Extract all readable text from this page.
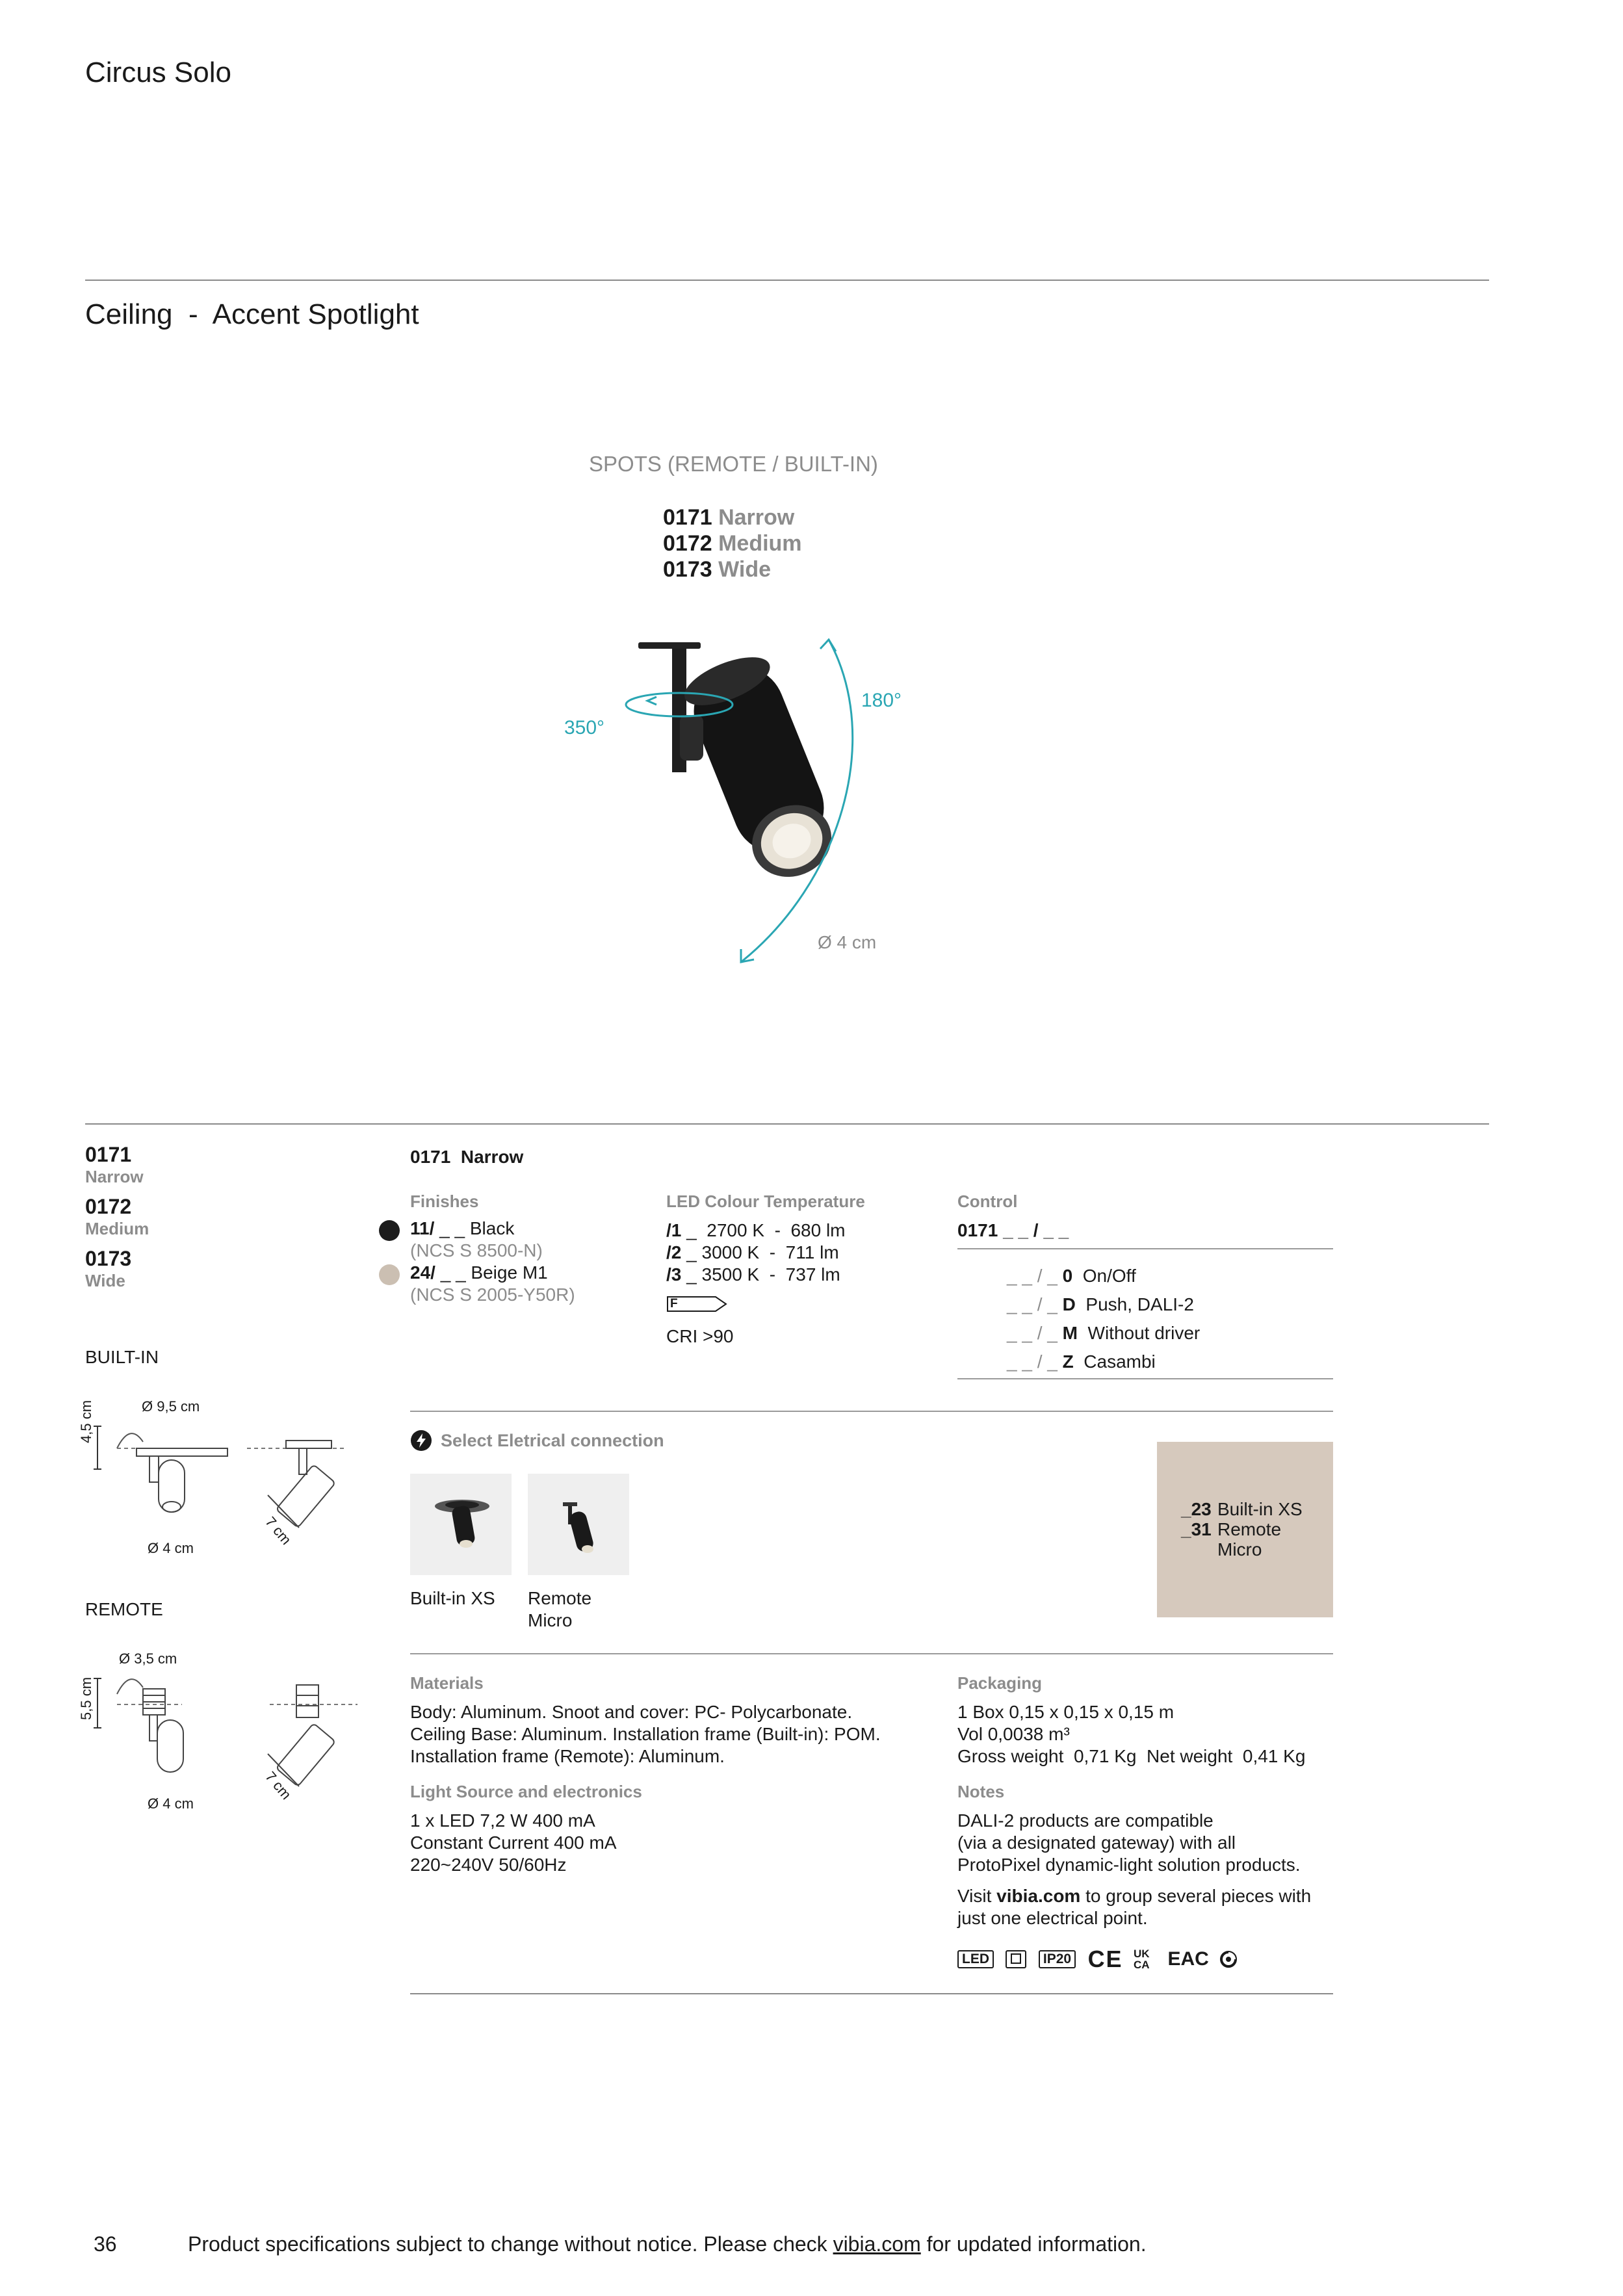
Circus Solo
Ceiling  -  Accent Spotlight
SPOTS (REMOTE / BUILT-IN)
0171 Narrow
0172 Medium
0173 Wide
350°
180°
Ø 4 cm
0171
Narrow
0172
Medium
0173
Wide
BUILT-IN
Ø 9,5 cm
4,5 cm
Ø 4 cm
7 cm
REMOTE
Ø 3,5 cm
5,5 cm
Ø 4 cm
7 cm
0171 Narrow
Finishes
11/ _ _ Black
(NCS S 8500-N)
24/ _ _ Beige M1
(NCS S 2005-Y50R)
LED Colour Temperature
/1 _  2700 K  -  680 lm
/2 _ 3000 K  -  711 lm
/3 _ 3500 K  -  737 lm
F
CRI >90
Control
0171 _ _ / _ _
_ _ / _ 0 On/Off
_ _ / _ D Push, DALI-2
_ _ / _ M Without driver
_ _ / _ Z Casambi
Select Eletrical connection
Built-in XS Remote
Micro
_23 Built-in XS
_31 Remote
Micro
Materials
Body: Aluminum. Snoot and cover: PC- Polycarbonate.
Ceiling Base: Aluminum. Installation frame (Built-in): POM.
Installation frame (Remote): Aluminum.
Light Source and electronics
1 x LED 7,2 W 400 mA
Constant Current 400 mA
220~240V 50/60Hz
Packaging
1 Box 0,15 x 0,15 x 0,15 m
Vol 0,0038 m³
Gross weight  0,71 Kg  Net weight  0,41 Kg
Notes
DALI-2 products are compatible
(via a designated gateway) with all
ProtoPixel dynamic-light solution products.
Visit vibia.com to group several pieces with
just one electrical point.
LED	IP20 CE UK CA EAC
36	Product specifications subject to change without notice. Please check vibia.com for updated information.
